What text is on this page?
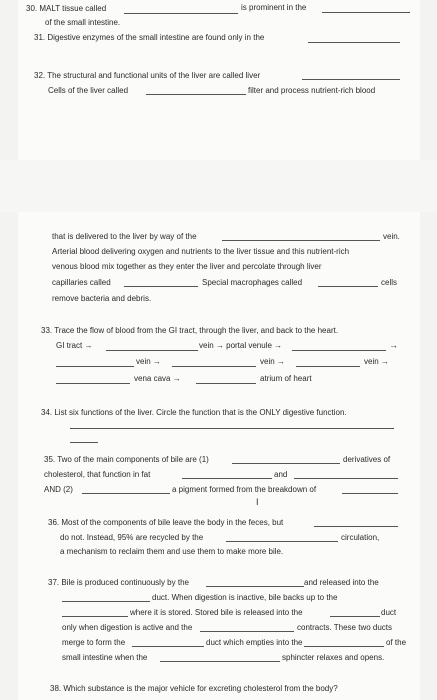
30. MALT tissue called	is prominent in the
of the small intestine.
31. Digestive enzymes of the small intestine are found only in the
32. The structural and functional units of the liver are called liver
Cells of the liver called	filter and process nutrient-rich blood
that is delivered to the liver by way of the	vein.
Arterial blood delivering oxygen and nutrients to the liver tissue and this nutrient-rich
venous blood mix together as they enter the liver and percolate through liver
capillaries called	Special macrophages called	cells
remove bacteria and debris.
33. Trace the flow of blood from the GI tract, through the liver, and back to the heart.
GI tract →	vein → portal venule →	→
vein →	vein →	vein →
vena cava →	atrium of heart
34. List six functions of the liver. Circle the function that is the ONLY digestive function.
35. Two of the main components of bile are (1)	derivatives of
cholesterol, that function in fat	and
AND (2)	a pigment formed from the breakdown of
I
36. Most of the components of bile leave the body in the feces, but
do not. Instead, 95% are recycled by the	circulation,
a mechanism to reclaim them and use them to make more bile.
37. Bile is produced continuously by the	and released into the
duct. When digestion is inactive, bile backs up to the
where it is stored. Stored bile is released into the	duct
only when digestion is active and the	contracts. These two ducts
merge to form the	duct which empties into the	of the
small intestine when the	sphincter relaxes and opens.
38. Which substance is the major vehicle for excreting cholesterol from the body?
